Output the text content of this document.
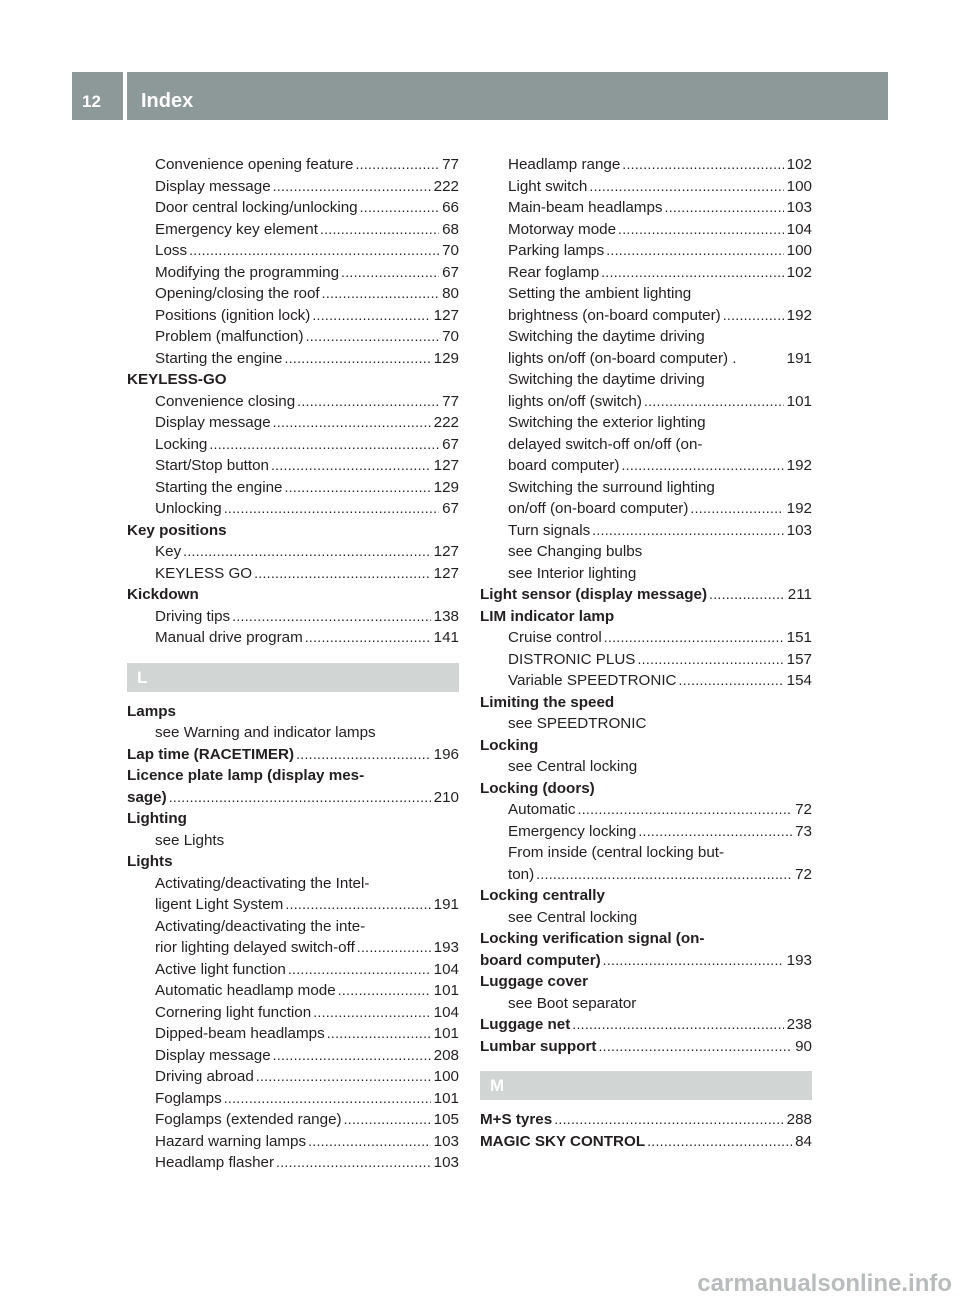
12	Index
Convenience opening feature .....	77
Display message .....	222
Door central locking/unlocking .....	66
Emergency key element .....	68
Loss .....	70
Modifying the programming .....	67
Opening/closing the roof .....	80
Positions (ignition lock) .....	127
Problem (malfunction) .....	70
Starting the engine .....	129
KEYLESS-GO
Convenience closing .....	77
Display message .....	222
Locking .....	67
Start/Stop button .....	127
Starting the engine .....	129
Unlocking .....	67
Key positions
Key .....	127
KEYLESS GO .....	127
Kickdown
Driving tips .....	138
Manual drive program .....	141
L
Lamps
see Warning and indicator lamps
Lap time (RACETIMER) .....	196
Licence plate lamp (display mes-
sage) .....	210
Lighting
see Lights
Lights
Activating/deactivating the Intel-
ligent Light System .....	191
Activating/deactivating the inte-
rior lighting delayed switch-off .....	193
Active light function .....	104
Automatic headlamp mode .....	101
Cornering light function .....	104
Dipped-beam headlamps .....	101
Display message .....	208
Driving abroad .....	100
Foglamps .....	101
Foglamps (extended range) .....	105
Hazard warning lamps .....	103
Headlamp flasher .....	103
Headlamp range .....	102
Light switch .....	100
Main-beam headlamps .....	103
Motorway mode .....	104
Parking lamps .....	100
Rear foglamp .....	102
Setting the ambient lighting
brightness (on-board computer) .....	192
Switching the daytime driving
lights on/off (on-board computer) .	191
Switching the daytime driving
lights on/off (switch) .....	101
Switching the exterior lighting
delayed switch-off on/off (on-
board computer) .....	192
Switching the surround lighting
on/off (on-board computer) .....	192
Turn signals .....	103
see Changing bulbs
see Interior lighting
Light sensor (display message) .....	211
LIM indicator lamp
Cruise control .....	151
DISTRONIC PLUS .....	157
Variable SPEEDTRONIC .....	154
Limiting the speed
see SPEEDTRONIC
Locking
see Central locking
Locking (doors)
Automatic .....	72
Emergency locking .....	73
From inside (central locking but-
ton) .....	72
Locking centrally
see Central locking
Locking verification signal (on-
board computer) .....	193
Luggage cover
see Boot separator
Luggage net .....	238
Lumbar support .....	90
M
M+S tyres .....	288
MAGIC SKY CONTROL .....	84
carmanualsonline.info
